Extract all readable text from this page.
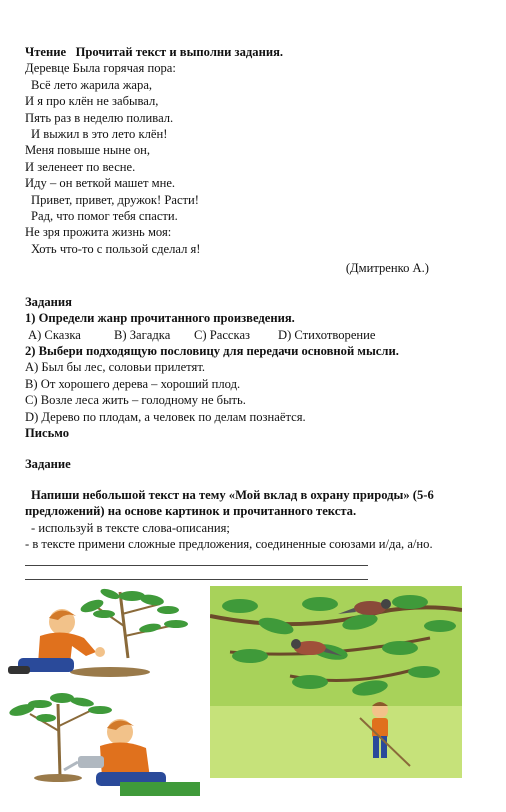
Чтение Прочитай текст и выполни задания.
Деревце Была горячая пора:
Всё лето жарила жара,
И я про клён не забывал,
Пять раз в неделю поливал.
И выжил в это лето клён!
Меня повыше ныне он,
И зеленеет по весне.
Иду – он веткой машет мне.
Привет, привет, дружок! Расти!
Рад, что помог тебя спасти.
Не зря прожита жизнь моя:
Хоть что-то с пользой сделал я!
(Дмитренко А.)
Задания
1) Определи жанр прочитанного произведения.
А) Сказка	В) Загадка С) Рассказ D) Стихотворение
2) Выбери подходящую пословицу для передачи основной мысли.
А) Был бы лес, соловьи прилетят.
В) От хорошего дерева – хороший плод.
С) Возле леса жить – голодному не быть.
D) Дерево по плодам, а человек по делам познаётся.
Письмо
Задание
Напиши небольшой текст на тему «Мой вклад в охрану природы» (5-6
предложений) на основе картинок и прочитанного текста.
- используй в тексте слова-описания;
- в тексте примени сложные предложения, соединенные союзами и/да, а/но.
